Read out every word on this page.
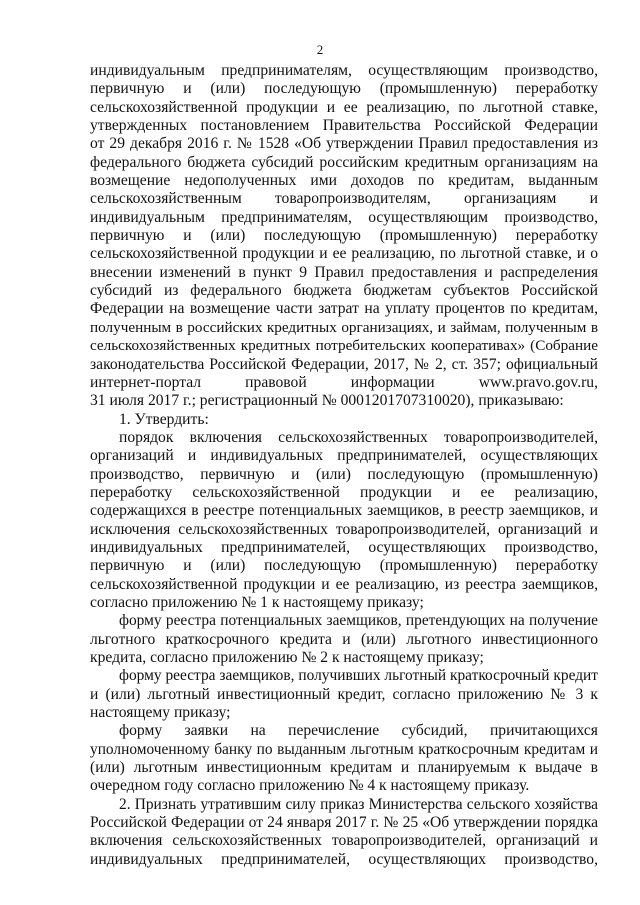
2
индивидуальным предпринимателям, осуществляющим производство,
первичную и (или) последующую (промышленную) переработку
сельскохозяйственной продукции и ее реализацию, по льготной ставке,
утвержденных постановлением Правительства Российской Федерации
от 29 декабря 2016 г. № 1528 «Об утверждении Правил предоставления из
федерального бюджета субсидий российским кредитным организациям на
возмещение недополученных ими доходов по кредитам, выданным
сельскохозяйственным товаропроизводителям, организациям и
индивидуальным предпринимателям, осуществляющим производство,
первичную и (или) последующую (промышленную) переработку
сельскохозяйственной продукции и ее реализацию, по льготной ставке, и о
внесении изменений в пункт 9 Правил предоставления и распределения
субсидий из федерального бюджета бюджетам субъектов Российской
Федерации на возмещение части затрат на уплату процентов по кредитам,
полученным в российских кредитных организациях, и займам, полученным в
сельскохозяйственных кредитных потребительских кооперативах» (Собрание
законодательства Российской Федерации, 2017, № 2, ст. 357; официальный
интернет-портал правовой информации www.pravo.gov.ru,
31 июля 2017 г.; регистрационный № 0001201707310020), приказываю:
1. Утвердить:
порядок включения сельскохозяйственных товаропроизводителей,
организаций и индивидуальных предпринимателей, осуществляющих
производство, первичную и (или) последующую (промышленную)
переработку сельскохозяйственной продукции и ее реализацию,
содержащихся в реестре потенциальных заемщиков, в реестр заемщиков, и
исключения сельскохозяйственных товаропроизводителей, организаций и
индивидуальных предпринимателей, осуществляющих производство,
первичную и (или) последующую (промышленную) переработку
сельскохозяйственной продукции и ее реализацию, из реестра заемщиков,
согласно приложению № 1 к настоящему приказу;
форму реестра потенциальных заемщиков, претендующих на получение
льготного краткосрочного кредита и (или) льготного инвестиционного
кредита, согласно приложению № 2 к настоящему приказу;
форму реестра заемщиков, получивших льготный краткосрочный кредит
и (или) льготный инвестиционный кредит, согласно приложению № 3 к
настоящему приказу;
форму заявки на перечисление субсидий, причитающихся
уполномоченному банку по выданным льготным краткосрочным кредитам и
(или) льготным инвестиционным кредитам и планируемым к выдаче в
очередном году согласно приложению № 4 к настоящему приказу.
2. Признать утратившим силу приказ Министерства сельского хозяйства
Российской Федерации от 24 января 2017 г. № 25 «Об утверждении порядка
включения сельскохозяйственных товаропроизводителей, организаций и
индивидуальных предпринимателей, осуществляющих производство,
